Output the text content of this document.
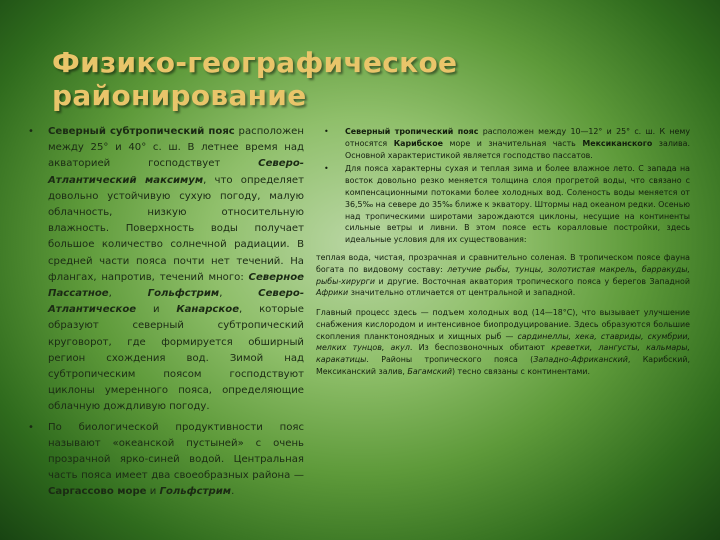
Физико-географическое районирование
• Северный субтропический пояс расположен между 25° и 40° с. ш. В летнее время над акваторией господствует Северо-Атлантический максимум, что определяет довольно устойчивую сухую погоду, малую облачность, низкую относительную влажность. Поверхность воды получает большое количество солнечной радиации. В средней части пояса почти нет течений. На флангах, напротив, течений много: Северное Пассатное, Гольфстрим, Северо-Атлантическое и Канарское, которые образуют северный субтропический круговорот, где формируется обширный регион схождения вод. Зимой над субтропическим поясом господствуют циклоны умеренного пояса, определяющие облачную дождливую погоду.
• По биологической продуктивности пояс называют «океанской пустыней» с очень прозрачной ярко-синей водой. Центральная часть пояса имеет два своеобразных района — Саргассово море и Гольфстрим.
• Северный тропический пояс расположен между 10—12° и 25° с. ш. К нему относятся Карибское море и значительная часть Мексиканского залива. Основной характеристикой является господство пассатов.
• Для пояса характерны сухая и теплая зима и более влажное лето. С запада на восток довольно резко меняется толщина слоя прогретой воды, что связано с компенсационными потоками более холодных вод. Соленость воды меняется от 36,5‰ на севере до 35‰ ближе к экватору. Штормы над океаном редки. Осенью над тропическими широтами зарождаются циклоны, несущие на континенты сильные ветры и ливни. В этом поясе есть коралловые постройки, здесь идеальные условия для их существования:

теплая вода, чистая, прозрачная и сравнительно соленая. В тропическом поясе фауна богата по видовому составу: летучие рыбы, тунцы, золотистая макрель, барракуды, рыбы-хирурги и другие. Восточная акватория тропического пояса у берегов Западной Африки значительно отличается от центральной и западной.

Главный процесс здесь — подъем холодных вод (14—18°С), что вызывает улучшение снабжения кислородом и интенсивное биопродуцирование. Здесь образуются большие скопления планктоноядных и хищных рыб — сардинеллы, хека, ставриды, скумбрии, мелких тунцов, акул. Из беспозвоночных обитают креветки, лангусты, кальмары, каракатицы. Районы тропического пояса (Западно-Африканский, Карибский, Мексиканский залив, Багамский) тесно связаны с континентами.
